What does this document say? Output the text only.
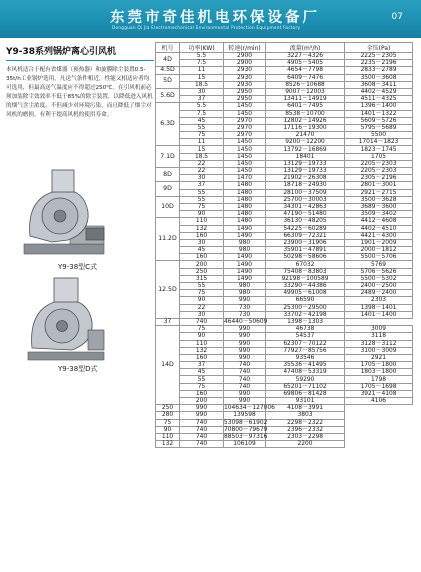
东莞市奇佳机电环保设备厂
Dongguan Qi Jia Electromechanical Environmental Protection Equipment Factory
07
Y9-38系列锅炉离心引风机
本风机适合于配有省煤器（预热器）和旋膜除尘装置0.5-35t/h工业锅炉选用。凡送气条件相近，性能又相适应者均可选用，但最高送气温度应不得超过250℃。在引风机前必须加装除尘效效率不低于85%的除尘装置，以降低进入风机的烟气含尘浓度，不但减少对环境污染，而且降低了烟尘对风机的磨损，有利于提高风机的使用寿命。
Y9-38型C式
Y9-38型D式
机号	功率(KW)	转速(r/min)	流量(m³/h)	全压(Pa)
4D	5.5	2900	3227－4326	2225－2305
	7.5	2900	4905－5405	2235－2196
4.5D	11	2930	4654－7798	2833－2789
5D	15	2930	6409－7476	3500－3608
	18.5	2930	8526－10688	3608－3411
5.6D	30	2950	9007－12003	4402－4529
	37	2950	13411－14919	4511－4325
6.3D	5.5	1450	6401－7495	1396－1400
	7.5	1450	8538－10700	1401－1322
	45	2970	12802－14926	5609－5726
	55	2970	17116－19300	5795－5689
	75	2970	21470	5500
	11	1450	9200－12200	17014－1823
7.1D	15	1450	13792－16869	1823－1745
	18.5	1450	18401	1705
	22	1450	13129－19733	2205－2303
8D	22	1450	13129－19733	2205－2303
	30	1470	21902－26308	2305－2196
9D	37	1480	18718－24930	2801－3001
	55	1480	28100－37509	2921－2715
10D	55	1480	25700－30003	3500－3628
	75	1480	34301－42863	3689－3600
	90	1480	47190－51480	3509－3402
11.2D	110	1480	36130－48205	4412－4608
	132	1490	54225－60289	4402－4510
	160	1490	66309－72321	4421－4300
	30	980	23900－31906	1901－2009
	45	980	35901－47891	2000－1812
	160	1490	50298－58606	5500－5706
12.5D	200	1490	67032	5769
	250	1490	75408－83803	5706－5626
	315	1490	92198－100589	5500－5302
	55	980	33290－44386	2400－2500
	75	980	49905－61008	2489－2400
	90	990	66590	2303
	22	730	25300－29500	1398－1401
	30	730	33702－42198	1401－1400
37	740	46440－50609	1398－1303	
14D	75	990	46738	3009
	90	990	54537	3118
	110	990	62307－70122	3128－3112
	132	990	77927－85756	3100－3009
	160	990	93546	2921
	37	740	35536－41495	1705－1800
	45	740	47408－53319	1803－1800
	55	740	59290	1798
	75	740	65201－71102	1705－1698
	160	990	69806－81428	3921－4108
	200	990	93101	4106
250	990	104634－127006	4108－3991	
280	990	139598	3803	
75	740	53098－61902	2298－2322	
90	740	70800－79679	2396－2332	
110	740	88503－97316	2303－2298	
132	740	106109	2200	
